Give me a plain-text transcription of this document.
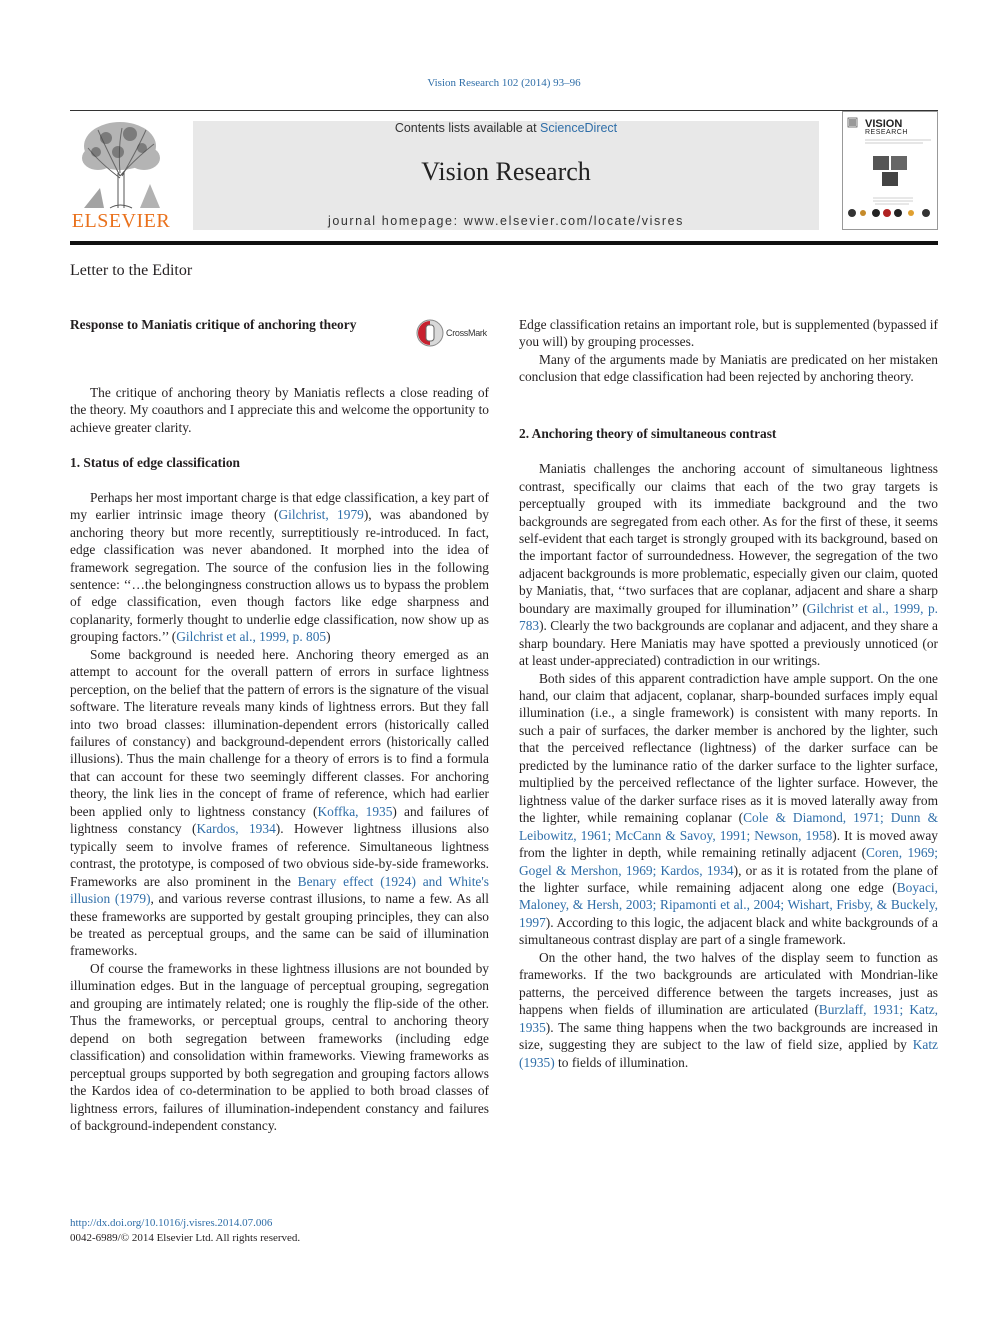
Vision Research 102 (2014) 93–96
ELSEVIER
Contents lists available at ScienceDirect
Vision Research
journal homepage: www.elsevier.com/locate/visres
VISION
RESEARCH
Letter to the Editor
Response to Maniatis critique of anchoring theory
CrossMark

The critique of anchoring theory by Maniatis reflects a close reading of the theory. My coauthors and I appreciate this and welcome the opportunity to achieve greater clarity.

1. Status of edge classification

Perhaps her most important charge is that edge classification, a key part of my earlier intrinsic image theory (Gilchrist, 1979), was abandoned by anchoring theory but more recently, surreptitiously re-introduced. In fact, edge classification was never abandoned. It morphed into the idea of framework segregation. The source of the confusion lies in the following sentence: ‘‘…the belongingness construction allows us to bypass the problem of edge classification, even though factors like edge sharpness and coplanarity, formerly thought to underlie edge classification, now show up as grouping factors.’’ (Gilchrist et al., 1999, p. 805)

Some background is needed here. Anchoring theory emerged as an attempt to account for the overall pattern of errors in surface lightness perception, on the belief that the pattern of errors is the signature of the visual software. The literature reveals many kinds of lightness errors. But they fall into two broad classes: illumination-dependent errors (historically called failures of constancy) and background-dependent errors (historically called illusions). Thus the main challenge for a theory of errors is to find a formula that can account for these two seemingly different classes. For anchoring theory, the link lies in the concept of frame of reference, which had earlier been applied only to lightness constancy (Koffka, 1935) and failures of lightness constancy (Kardos, 1934). However lightness illusions also typically seem to involve frames of reference. Simultaneous lightness contrast, the prototype, is composed of two obvious side-by-side frameworks. Frameworks are also prominent in the Benary effect (1924) and White's illusion (1979), and various reverse contrast illusions, to name a few. As all these frameworks are supported by gestalt grouping principles, they can also be treated as perceptual groups, and the same can be said of illumination frameworks.

Of course the frameworks in these lightness illusions are not bounded by illumination edges. But in the language of perceptual grouping, segregation and grouping are intimately related; one is roughly the flip-side of the other. Thus the frameworks, or perceptual groups, central to anchoring theory depend on both segregation between frameworks (including edge classification) and consolidation within frameworks. Viewing frameworks as perceptual groups supported by both segregation and grouping factors allows the Kardos idea of co-determination to be applied to both broad classes of lightness errors, failures of illumination-independent constancy and failures of background-independent constancy.

Edge classification retains an important role, but is supplemented (bypassed if you will) by grouping processes.

Many of the arguments made by Maniatis are predicated on her mistaken conclusion that edge classification had been rejected by anchoring theory.

2. Anchoring theory of simultaneous contrast

Maniatis challenges the anchoring account of simultaneous lightness contrast, specifically our claims that each of the two gray targets is perceptually grouped with its immediate background and the two backgrounds are segregated from each other. As for the first of these, it seems self-evident that each target is strongly grouped with its background, based on the important factor of surroundedness. However, the segregation of the two adjacent backgrounds is more problematic, especially given our claim, quoted by Maniatis, that, ‘‘two surfaces that are coplanar, adjacent and share a sharp boundary are maximally grouped for illumination’’ (Gilchrist et al., 1999, p. 783). Clearly the two backgrounds are coplanar and adjacent, and they share a sharp boundary. Here Maniatis may have spotted a previously unnoticed (or at least under-appreciated) contradiction in our writings.

Both sides of this apparent contradiction have ample support. On the one hand, our claim that adjacent, coplanar, sharp-bounded surfaces imply equal illumination (i.e., a single framework) is consistent with many reports. In such a pair of surfaces, the darker member is anchored by the lighter, such that the perceived reflectance (lightness) of the darker surface can be predicted by the luminance ratio of the darker surface to the lighter surface, multiplied by the perceived reflectance of the lighter surface. However, the lightness value of the darker surface rises as it is moved laterally away from the lighter, while remaining coplanar (Cole & Diamond, 1971; Dunn & Leibowitz, 1961; McCann & Savoy, 1991; Newson, 1958). It is moved away from the lighter in depth, while remaining retinally adjacent (Coren, 1969; Gogel & Mershon, 1969; Kardos, 1934), or as it is rotated from the plane of the lighter surface, while remaining adjacent along one edge (Boyaci, Maloney, & Hersh, 2003; Ripamonti et al., 2004; Wishart, Frisby, & Buckely, 1997). According to this logic, the adjacent black and white backgrounds of a simultaneous contrast display are part of a single framework.

On the other hand, the two halves of the display seem to function as frameworks. If the two backgrounds are articulated with Mondrian-like patterns, the perceived difference between the targets increases, just as happens when fields of illumination are articulated (Burzlaff, 1931; Katz, 1935). The same thing happens when the two backgrounds are increased in size, suggesting they are subject to the law of field size, applied by Katz (1935) to fields of illumination.

http://dx.doi.org/10.1016/j.visres.2014.07.006
0042-6989/© 2014 Elsevier Ltd. All rights reserved.
